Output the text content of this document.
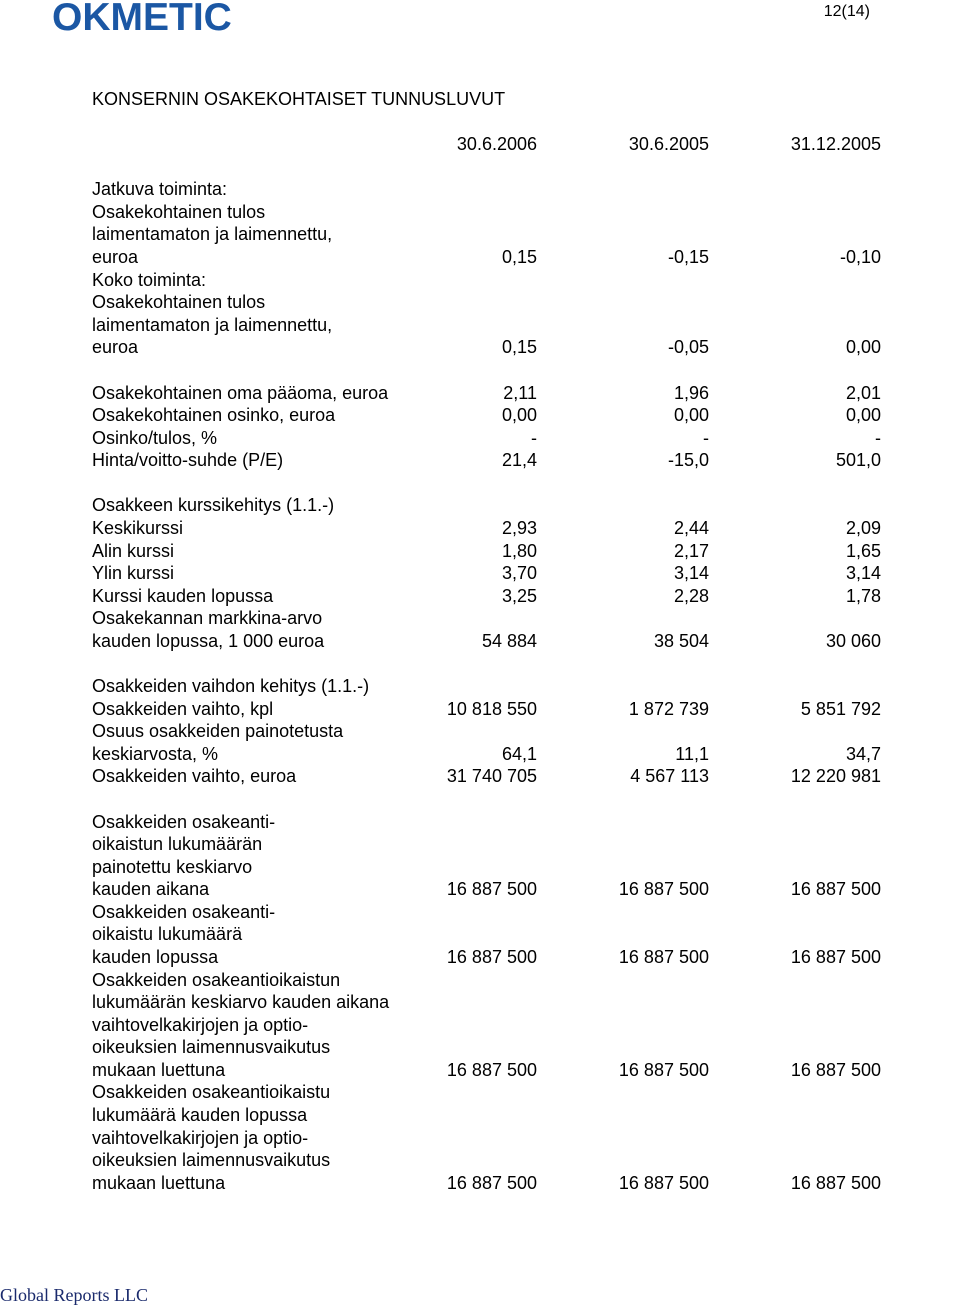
OKMETIC	12(14)
KONSERNIN OSAKEKOHTAISET TUNNUSLUVUT
30.6.2006	30.6.2005	31.12.2005
Jatkuva toiminta:
Osakekohtainen tulos
laimentamaton ja laimennettu,
euroa	0,15	-0,15	-0,10
Koko toiminta:
Osakekohtainen tulos
laimentamaton ja laimennettu,
euroa	0,15	-0,05	0,00
Osakekohtainen oma pääoma, euroa	2,11	1,96	2,01
Osakekohtainen osinko, euroa	0,00	0,00	0,00
Osinko/tulos, %	-	-	-
Hinta/voitto-suhde (P/E)	21,4	-15,0	501,0
Osakkeen kurssikehitys (1.1.-)
Keskikurssi	2,93	2,44	2,09
Alin kurssi	1,80	2,17	1,65
Ylin kurssi	3,70	3,14	3,14
Kurssi kauden lopussa	3,25	2,28	1,78
Osakekannan markkina-arvo
kauden lopussa, 1 000 euroa	54 884	38 504	30 060
Osakkeiden vaihdon kehitys (1.1.-)
Osakkeiden vaihto, kpl	10 818 550	1 872 739	5 851 792
Osuus osakkeiden painotetusta
keskiarvosta, %	64,1	11,1	34,7
Osakkeiden vaihto, euroa	31 740 705	4 567 113	12 220 981
Osakkeiden osakeanti-
oikaistun lukumäärän
painotettu keskiarvo
kauden aikana	16 887 500	16 887 500	16 887 500
Osakkeiden osakeanti-
oikaistu lukumäärä
kauden lopussa	16 887 500	16 887 500	16 887 500
Osakkeiden osakeantioikaistun
lukumäärän keskiarvo kauden aikana
vaihtovelkakirjojen ja optio-
oikeuksien laimennusvaikutus
mukaan luettuna	16 887 500	16 887 500	16 887 500
Osakkeiden osakeantioikaistu
lukumäärä kauden lopussa
vaihtovelkakirjojen ja optio-
oikeuksien laimennusvaikutus
mukaan luettuna	16 887 500	16 887 500	16 887 500
Global Reports LLC
